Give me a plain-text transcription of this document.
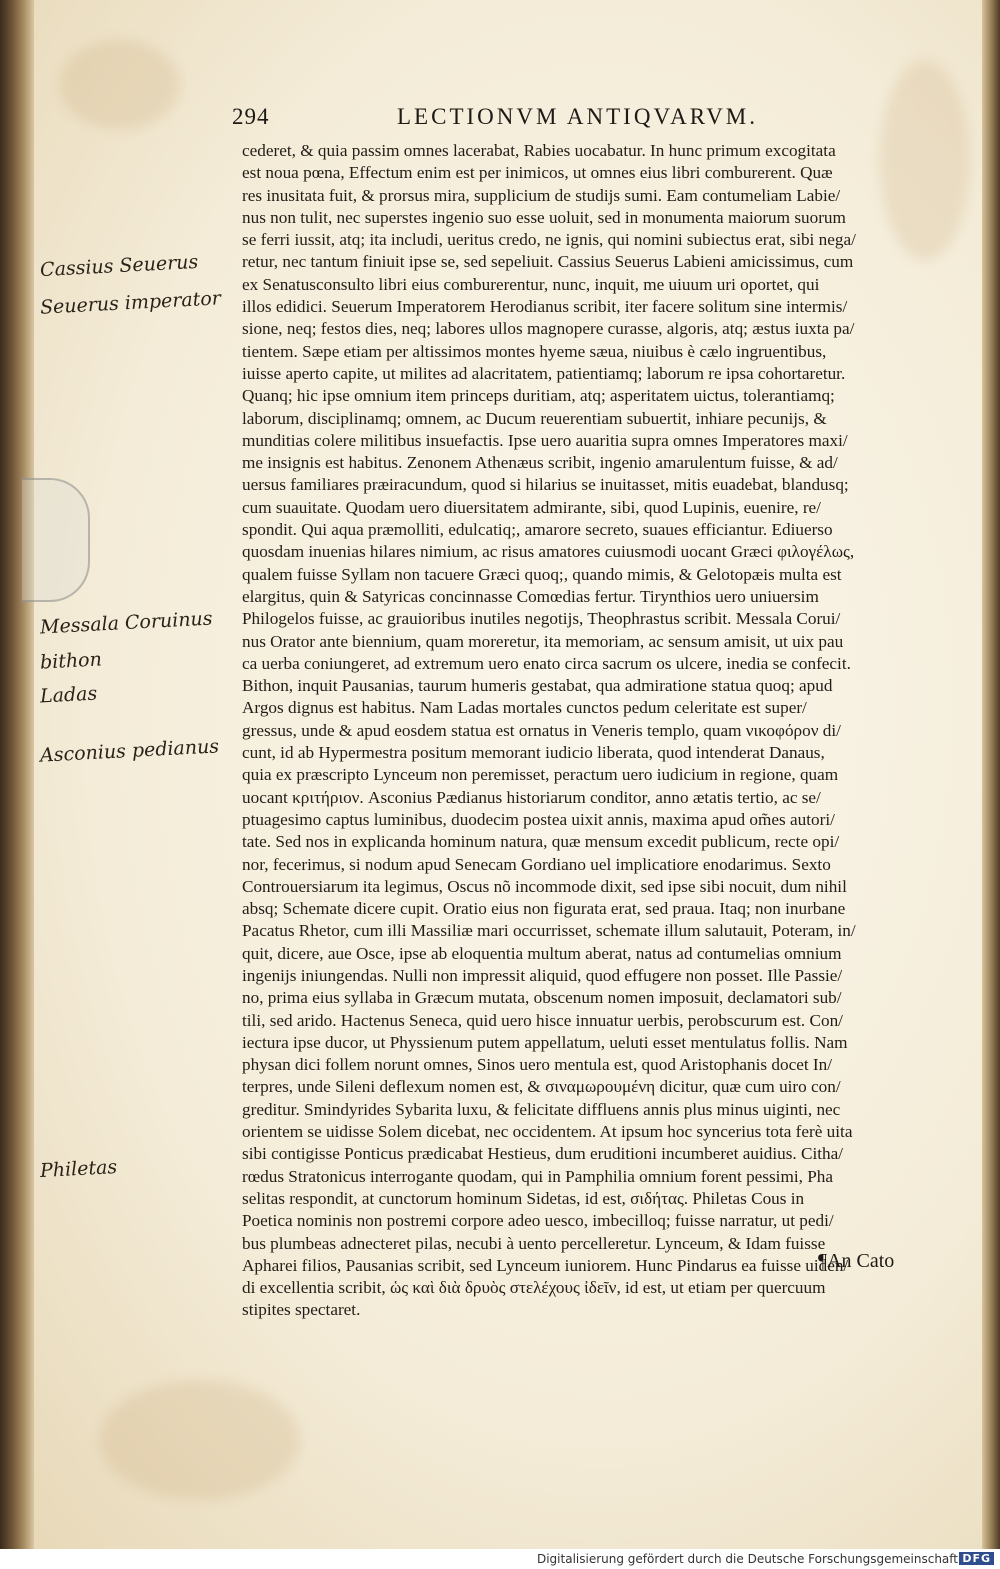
294	LECTIONVM ANTIQVARVM.
cederet, & quia passim omnes lacerabat, Rabies uocabatur. In hunc primum excogitata
est noua pœna, Effectum enim est per inimicos, ut omnes eius libri comburerent. Quæ
res inusitata fuit, & prorsus mira, supplicium de studijs sumi. Eam contumeliam Labie/
nus non tulit, nec superstes ingenio suo esse uoluit, sed in monumenta maiorum suorum
se ferri iussit, atq; ita includi, ueritus credo, ne ignis, qui nomini subiectus erat, sibi nega/
retur, nec tantum finiuit ipse se, sed sepeliuit. Cassius Seuerus Labieni amicissimus, cum
ex Senatusconsulto libri eius comburerentur, nunc, inquit, me uiuum uri oportet, qui
illos edidici. Seuerum Imperatorem Herodianus scribit, iter facere solitum sine intermis/
sione, neq; festos dies, neq; labores ullos magnopere curasse, algoris, atq; æstus iuxta pa/
tientem. Sæpe etiam per altissimos montes hyeme sæua, niuibus è cælo ingruentibus,
iuisse aperto capite, ut milites ad alacritatem, patientiamq; laborum re ipsa cohortaretur.
Quanq; hic ipse omnium item princeps duritiam, atq; asperitatem uictus, tolerantiamq;
laborum, disciplinamq; omnem, ac Ducum reuerentiam subuertit, inhiare pecunijs, &
munditias colere militibus insuefactis. Ipse uero auaritia supra omnes Imperatores maxi/
me insignis est habitus. Zenonem Athenæus scribit, ingenio amarulentum fuisse, & ad/
uersus familiares præiracundum, quod si hilarius se inuitasset, mitis euadebat, blandusq;
cum suauitate. Quodam uero diuersitatem admirante, sibi, quod Lupinis, euenire, re/
spondit. Qui aqua præmolliti, edulcatiq;, amarore secreto, suaues efficiantur. Ediuerso
quosdam inuenias hilares nimium, ac risus amatores cuiusmodi uocant Græci φιλογέλως,
qualem fuisse Syllam non tacuere Græci quoq;, quando mimis, & Gelotopæis multa est
elargitus, quin & Satyricas concinnasse Comœdias fertur. Tirynthios uero uniuersim
Philogelos fuisse, ac grauioribus inutiles negotijs, Theophrastus scribit. Messala Corui/
nus Orator ante biennium, quam moreretur, ita memoriam, ac sensum amisit, ut uix pau
ca uerba coniungeret, ad extremum uero enato circa sacrum os ulcere, inedia se confecit.
Bithon, inquit Pausanias, taurum humeris gestabat, qua admiratione statua quoq; apud
Argos dignus est habitus. Nam Ladas mortales cunctos pedum celeritate est super/
gressus, unde & apud eosdem statua est ornatus in Veneris templo, quam νικοφόρον di/
cunt, id ab Hypermestra positum memorant iudicio liberata, quod intenderat Danaus,
quia ex præscripto Lynceum non peremisset, peractum uero iudicium in regione, quam
uocant κριτήριον. Asconius Pædianus historiarum conditor, anno ætatis tertio, ac se/
ptuagesimo captus luminibus, duodecim postea uixit annis, maxima apud om̃es autori/
tate. Sed nos in explicanda hominum natura, quæ mensum excedit publicum, recte opi/
nor, fecerimus, si nodum apud Senecam Gordiano uel implicatiore enodarimus. Sexto
Controuersiarum ita legimus, Oscus nõ incommode dixit, sed ipse sibi nocuit, dum nihil
absq; Schemate dicere cupit. Oratio eius non figurata erat, sed praua. Itaq; non inurbane
Pacatus Rhetor, cum illi Massiliæ mari occurrisset, schemate illum salutauit, Poteram, in/
quit, dicere, aue Osce, ipse ab eloquentia multum aberat, natus ad contumelias omnium
ingenijs iniungendas. Nulli non impressit aliquid, quod effugere non posset. Ille Passie/
no, prima eius syllaba in Græcum mutata, obscenum nomen imposuit, declamatori sub/
tili, sed arido. Hactenus Seneca, quid uero hisce innuatur uerbis, perobscurum est. Con/
iectura ipse ducor, ut Physsienum putem appellatum, ueluti esset mentulatus follis. Nam
physan dici follem norunt omnes, Sinos uero mentula est, quod Aristophanis docet In/
terpres, unde Sileni deflexum nomen est, & σιναμωρουμένη dicitur, quæ cum uiro con/
greditur. Smindyrides Sybarita luxu, & felicitate diffluens annis plus minus uiginti, nec
orientem se uidisse Solem dicebat, nec occidentem. At ipsum hoc syncerius tota ferè uita
sibi contigisse Ponticus prædicabat Hestieus, dum eruditioni incumberet auidius. Citha/
rœdus Stratonicus interrogante quodam, qui in Pamphilia omnium forent pessimi, Pha
selitas respondit, at cunctorum hominum Sidetas, id est, σιδήτας. Philetas Cous in
Poetica nominis non postremi corpore adeo uesco, imbecilloq; fuisse narratur, ut pedi/
bus plumbeas adnecteret pilas, necubi à uento percelleretur. Lynceum, & Idam fuisse
Apharei filios, Pausanias scribit, sed Lynceum iuniorem. Hunc Pindarus ea fuisse uiden/
di excellentia scribit, ὡς καὶ διὰ δρυὸς στελέχους ἰδεῖν, id est, ut etiam per quercuum
stipites spectaret.
Cassius Seuerus
Seuerus imperator
Messala Coruinus
bithon
Ladas
Asconius pedianus
Philetas
¶An Cato
Digitalisierung gefördert durch die Deutsche Forschungsgemeinschaft DFG
